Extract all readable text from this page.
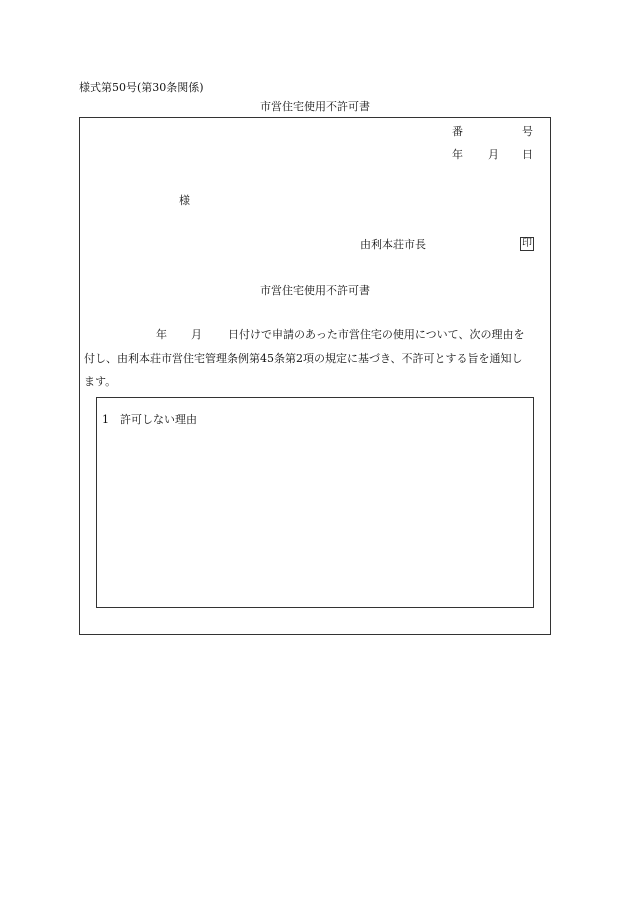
様式第50号(第30条関係)
市営住宅使用不許可書
番	号
年 月 日
様
由利本荘市長	印
市営住宅使用不許可書
年 月 日付けで申請のあった市営住宅の使用について、次の理由を
付し、由利本荘市営住宅管理条例第45条第2項の規定に基づき、不許可とする旨を通知し
ます。
1　許可しない理由
